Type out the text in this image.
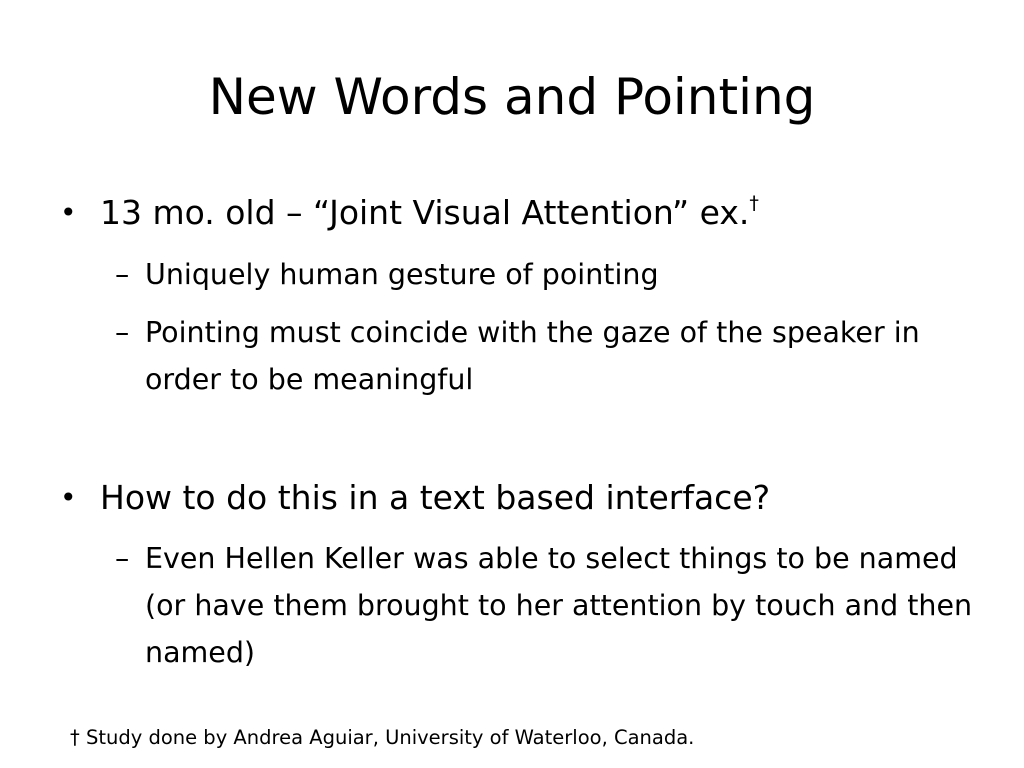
New Words and Pointing
• 13 mo. old – “Joint Visual Attention” ex.†
– Uniquely human gesture of pointing
– Pointing must coincide with the gaze of the speaker in order to be meaningful
• How to do this in a text based interface?
– Even Hellen Keller was able to select things to be named (or have them brought to her attention by touch and then named)
† Study done by Andrea Aguiar, University of Waterloo, Canada.
